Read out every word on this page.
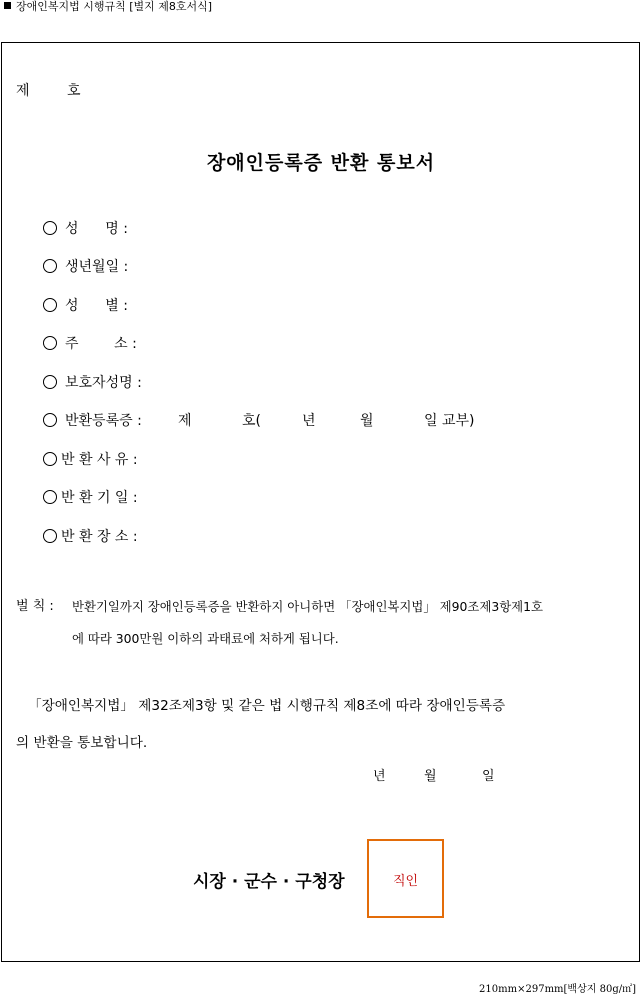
장애인복지법 시행규칙 [별지 제8호서식]
제	호
장애인등록증 반환 통보서
성      명 :
생년월일 :
성      별 :
주        소 :
보호자성명 :
반환등록증 :	제	호(	년	월	일 교부)
반 환 사 유 :
반 환 기 일 :
반 환 장 소 :
벌 칙 : 반환기일까지 장애인등록증을 반환하지 아니하면 「장애인복지법」 제90조제3항제1호
에 따라 300만원 이하의 과태료에 처하게 됩니다.
「장애인복지법」 제32조제3항 및 같은 법 시행규칙 제8조에 따라 장애인등록증
의 반환을 통보합니다.
년	월	일
시장 · 군수 · 구청장	직인
210mm×297mm[백상지 80g/㎡]
